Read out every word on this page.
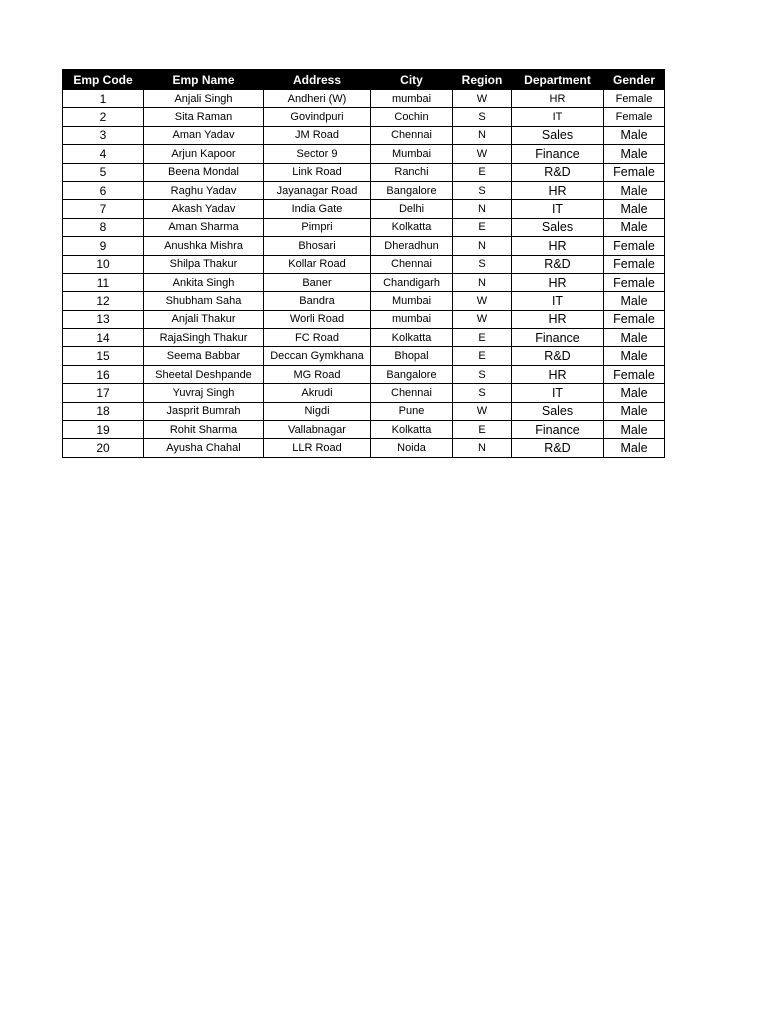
Emp Code	Emp Name	Address	City	Region	Department	Gender
1	Anjali Singh	Andheri (W)	mumbai	W	HR	Female
2	Sita Raman	Govindpuri	Cochin	S	IT	Female
3	Aman Yadav	JM Road	Chennai	N	Sales	Male
4	Arjun Kapoor	Sector 9	Mumbai	W	Finance	Male
5	Beena Mondal	Link Road	Ranchi	E	R&D	Female
6	Raghu Yadav	Jayanagar Road	Bangalore	S	HR	Male
7	Akash Yadav	India Gate	Delhi	N	IT	Male
8	Aman Sharma	Pimpri	Kolkatta	E	Sales	Male
9	Anushka Mishra	Bhosari	Dheradhun	N	HR	Female
10	Shilpa Thakur	Kollar Road	Chennai	S	R&D	Female
11	Ankita Singh	Baner	Chandigarh	N	HR	Female
12	Shubham Saha	Bandra	Mumbai	W	IT	Male
13	Anjali Thakur	Worli Road	mumbai	W	HR	Female
14	RajaSingh Thakur	FC Road	Kolkatta	E	Finance	Male
15	Seema Babbar	Deccan Gymkhana	Bhopal	E	R&D	Male
16	Sheetal Deshpande	MG Road	Bangalore	S	HR	Female
17	Yuvraj Singh	Akrudi	Chennai	S	IT	Male
18	Jasprit Bumrah	Nigdi	Pune	W	Sales	Male
19	Rohit Sharma	Vallabnagar	Kolkatta	E	Finance	Male
20	Ayusha Chahal	LLR Road	Noida	N	R&D	Male
